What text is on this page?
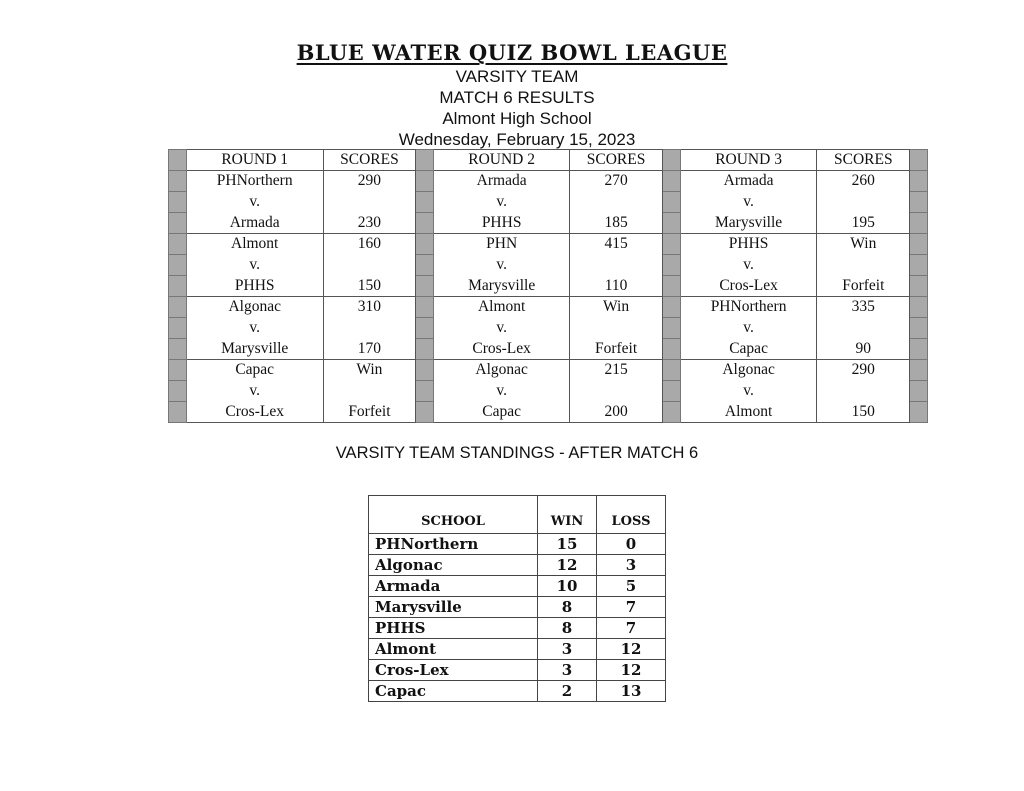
BLUE WATER QUIZ BOWL LEAGUE
VARSITY TEAM
MATCH 6 RESULTS
Almont High School
Wednesday, February 15, 2023
	ROUND 1	SCORES		ROUND 2	SCORES		ROUND 3	SCORES	
	PHNorthern	290		Armada	270		Armada	260	
	v.			v.			v.		
	Armada	230		PHHS	185		Marysville	195	
	Almont	160		PHN	415		PHHS	Win	
	v.			v.			v.		
	PHHS	150		Marysville	110		Cros-Lex	Forfeit	
	Algonac	310		Almont	Win		PHNorthern	335	
	v.			v.			v.		
	Marysville	170		Cros-Lex	Forfeit		Capac	90	
	Capac	Win		Algonac	215		Algonac	290	
	v.			v.			v.		
	Cros-Lex	Forfeit		Capac	200		Almont	150	
VARSITY TEAM STANDINGS - AFTER MATCH 6
SCHOOL	WIN	LOSS
PHNorthern	15	0
Algonac	12	3
Armada	10	5
Marysville	8	7
PHHS	8	7
Almont	3	12
Cros-Lex	3	12
Capac	2	13
